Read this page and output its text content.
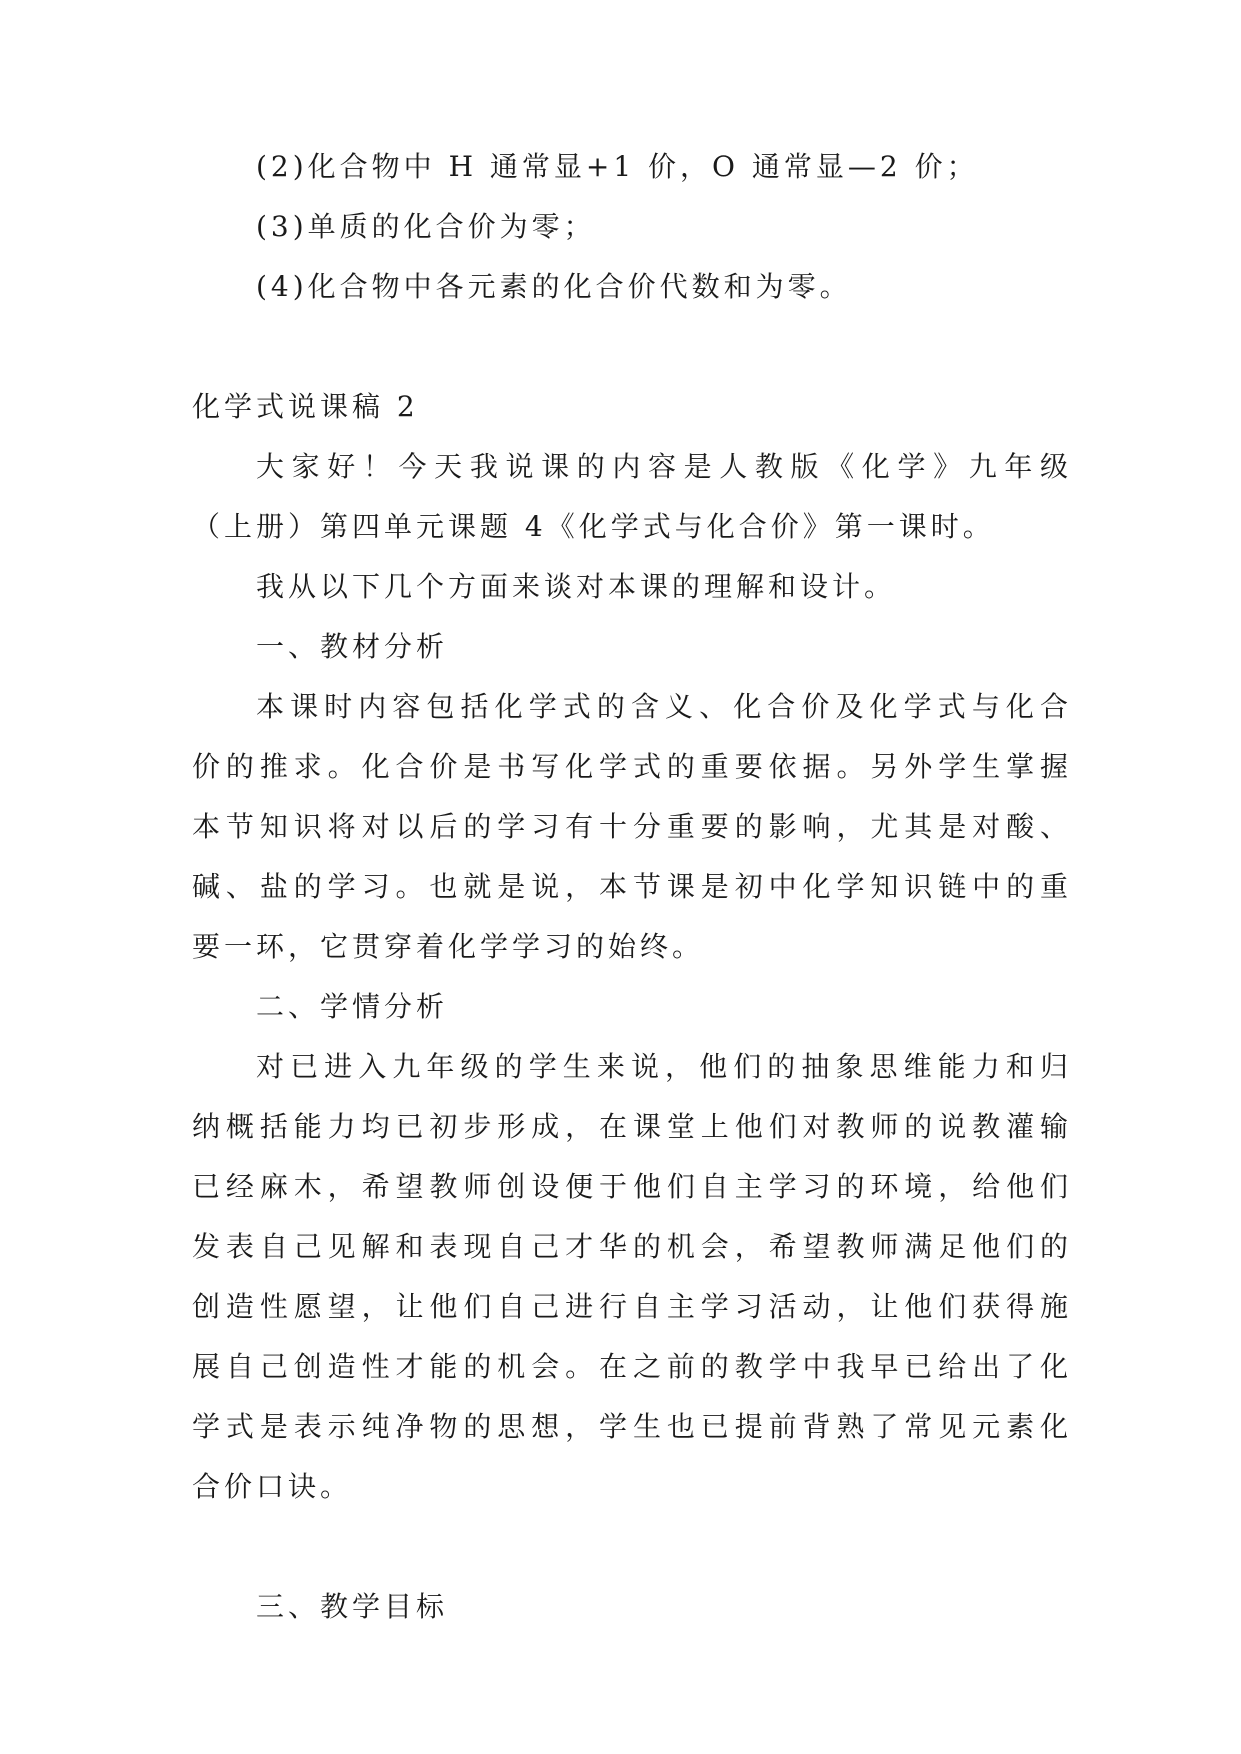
(2)化合物中 H 通常显+1 价，O 通常显—2 价；
(3)单质的化合价为零；
(4)化合物中各元素的化合价代数和为零。
化学式说课稿 2
大家好！今天我说课的内容是人教版《化学》九年级
（上册）第四单元课题 4《化学式与化合价》第一课时。
我从以下几个方面来谈对本课的理解和设计。
一、教材分析
本课时内容包括化学式的含义、化合价及化学式与化合
价的推求。化合价是书写化学式的重要依据。另外学生掌握
本节知识将对以后的学习有十分重要的影响，尤其是对酸、
碱、盐的学习。也就是说，本节课是初中化学知识链中的重
要一环，它贯穿着化学学习的始终。
二、学情分析
对已进入九年级的学生来说，他们的抽象思维能力和归
纳概括能力均已初步形成，在课堂上他们对教师的说教灌输
已经麻木，希望教师创设便于他们自主学习的环境，给他们
发表自己见解和表现自己才华的机会，希望教师满足他们的
创造性愿望，让他们自己进行自主学习活动，让他们获得施
展自己创造性才能的机会。在之前的教学中我早已给出了化
学式是表示纯净物的思想，学生也已提前背熟了常见元素化
合价口诀。
三、教学目标
